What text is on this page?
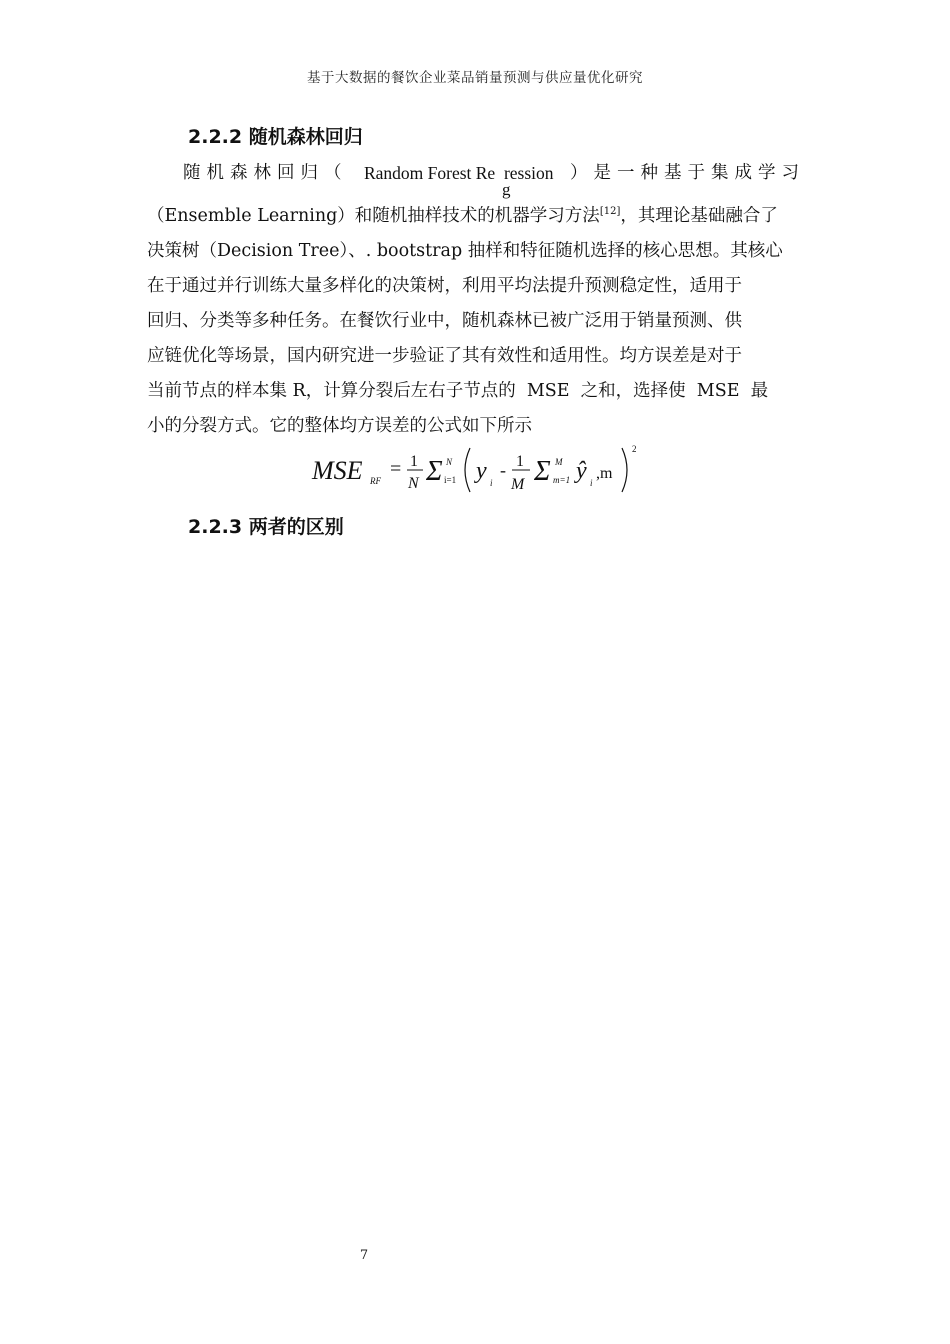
基于大数据的餐饮企业菜品销量预测与供应量优化研究
2.2.2 随机森林回归
随机森林回归（ Random Forest Re  ression ）是一种基于集成学习
g
（Ensemble Learning）和随机抽样技术的机器学习方法[12]，其理论基础融合了
决策树（Decision Tree）、. bootstrap 抽样和特征随机选择的核心思想。其核心
在于通过并行训练大量多样化的决策树，利用平均法提升预测稳定性，适用于
回归、分类等多种任务。在餐饮行业中，随机森林已被广泛用于销量预测、供
应链优化等场景，国内研究进一步验证了其有效性和适用性。均方误差是对于
当前节点的样本集 R，计算分裂后左右子节点的  MSE  之和，选择使  MSE  最
小的分裂方式。它的整体均方误差的公式如下所示
MSE RF
= 1
N Σ N
i=1 y i
- 1
M Σ M
m=1 ŷ i
,m
2
2.2.3 两者的区别
7
